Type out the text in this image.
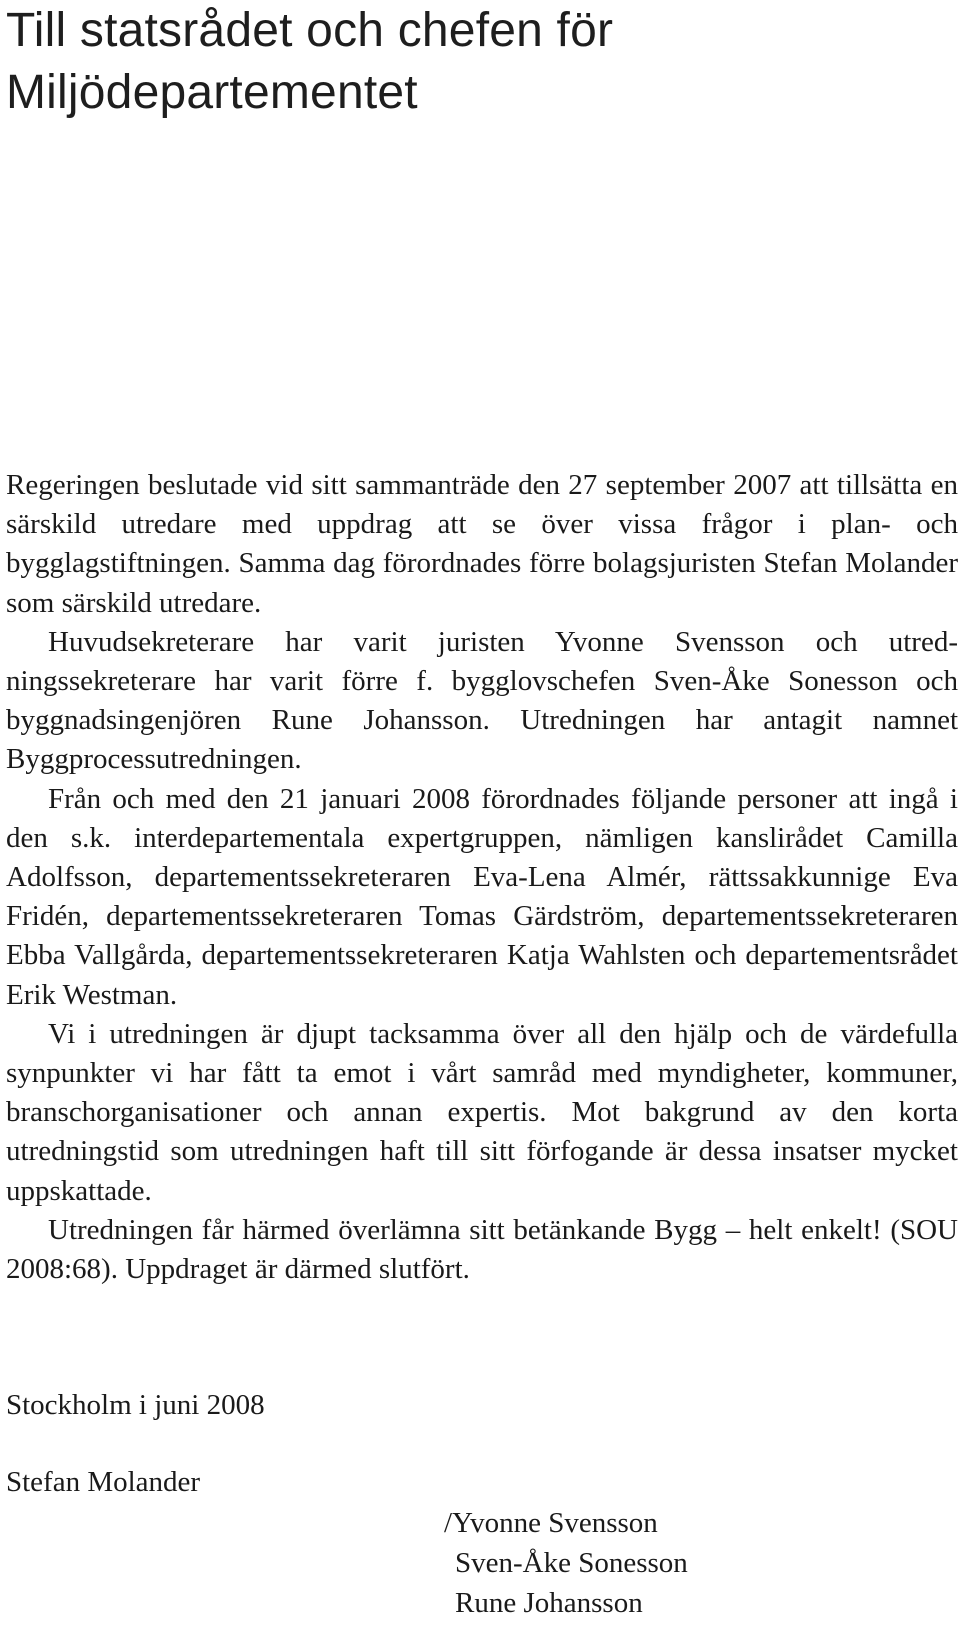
Till statsrådet och chefen för
Miljödepartementet

Regeringen beslutade vid sitt sammanträde den 27 september 2007 att tillsätta en särskild utredare med uppdrag att se över vissa frågor i plan- och bygglagstiftningen. Samma dag förordnades förre bolagsjuristen Stefan Molander som särskild utredare.

Huvudsekreterare har varit juristen Yvonne Svensson och utredningssekreterare har varit förre f. bygglovschefen Sven-Åke Sonesson och byggnadsingenjören Rune Johansson. Utredningen har antagit namnet Byggprocessutredningen.

Från och med den 21 januari 2008 förordnades följande personer att ingå i den s.k. interdepartementala expertgruppen, nämligen kanslirådet Camilla Adolfsson, departementssekreteraren Eva-Lena Almér, rättssakkunnige Eva Fridén, departementssekreteraren Tomas Gärdström, departementssekreteraren Ebba Vallgårda, departementssekreteraren Katja Wahlsten och departementsrådet Erik Westman.

Vi i utredningen är djupt tacksamma över all den hjälp och de värdefulla synpunkter vi har fått ta emot i vårt samråd med myndigheter, kommuner, branschorganisationer och annan expertis. Mot bakgrund av den korta utredningstid som utredningen haft till sitt förfogande är dessa insatser mycket uppskattade.

Utredningen får härmed överlämna sitt betänkande Bygg – helt enkelt! (SOU 2008:68). Uppdraget är därmed slutfört.

Stockholm i juni 2008
Stefan Molander
/Yvonne Svensson
Sven-Åke Sonesson
Rune Johansson
